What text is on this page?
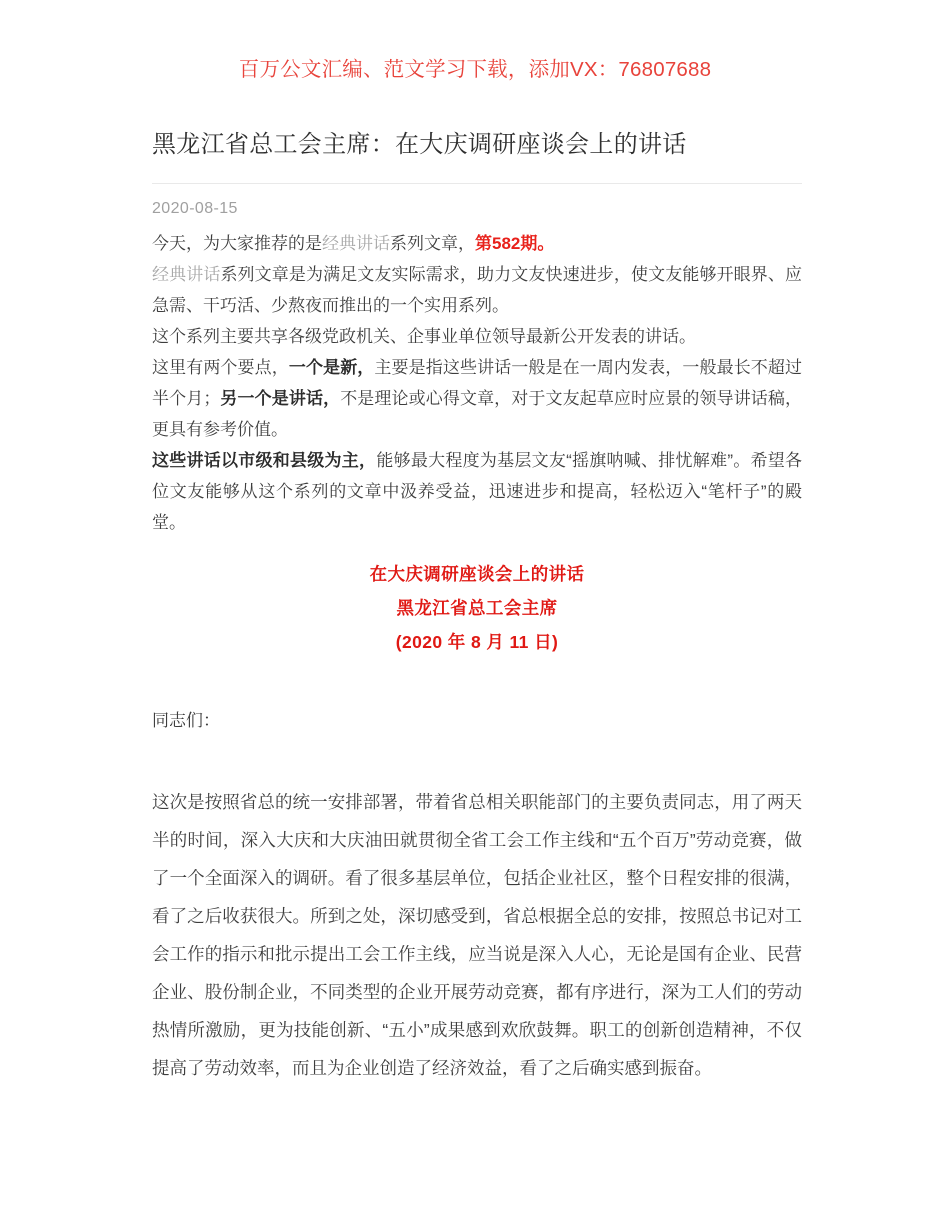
百万公文汇编、范文学习下载，添加VX：76807688
黑龙江省总工会主席：在大庆调研座谈会上的讲话
2020-08-15

今天，为大家推荐的是经典讲话系列文章，第582期。

经典讲话系列文章是为满足文友实际需求，助力文友快速进步，使文友能够开眼界、应急需、干巧活、少熬夜而推出的一个实用系列。

这个系列主要共享各级党政机关、企事业单位领导最新公开发表的讲话。

这里有两个要点，一个是新，主要是指这些讲话一般是在一周内发表，一般最长不超过半个月；另一个是讲话，不是理论或心得文章，对于文友起草应时应景的领导讲话稿，更具有参考价值。

这些讲话以市级和县级为主，能够最大程度为基层文友“摇旗呐喊、排忧解难”。希望各位文友能够从这个系列的文章中汲养受益，迅速进步和提高，轻松迈入“笔杆子”的殿堂。

在大庆调研座谈会上的讲话
黑龙江省总工会主席
(2020 年 8 月 11 日)
同志们：

这次是按照省总的统一安排部署，带着省总相关职能部门的主要负责同志，用了两天半的时间，深入大庆和大庆油田就贯彻全省工会工作主线和“五个百万”劳动竞赛，做了一个全面深入的调研。看了很多基层单位，包括企业社区，整个日程安排的很满，看了之后收获很大。所到之处，深切感受到，省总根据全总的安排，按照总书记对工会工作的指示和批示提出工会工作主线，应当说是深入人心，无论是国有企业、民营企业、股份制企业，不同类型的企业开展劳动竞赛，都有序进行，深为工人们的劳动热情所激励，更为技能创新、“五小”成果感到欢欣鼓舞。职工的创新创造精神，不仅提高了劳动效率，而且为企业创造了经济效益，看了之后确实感到振奋。
